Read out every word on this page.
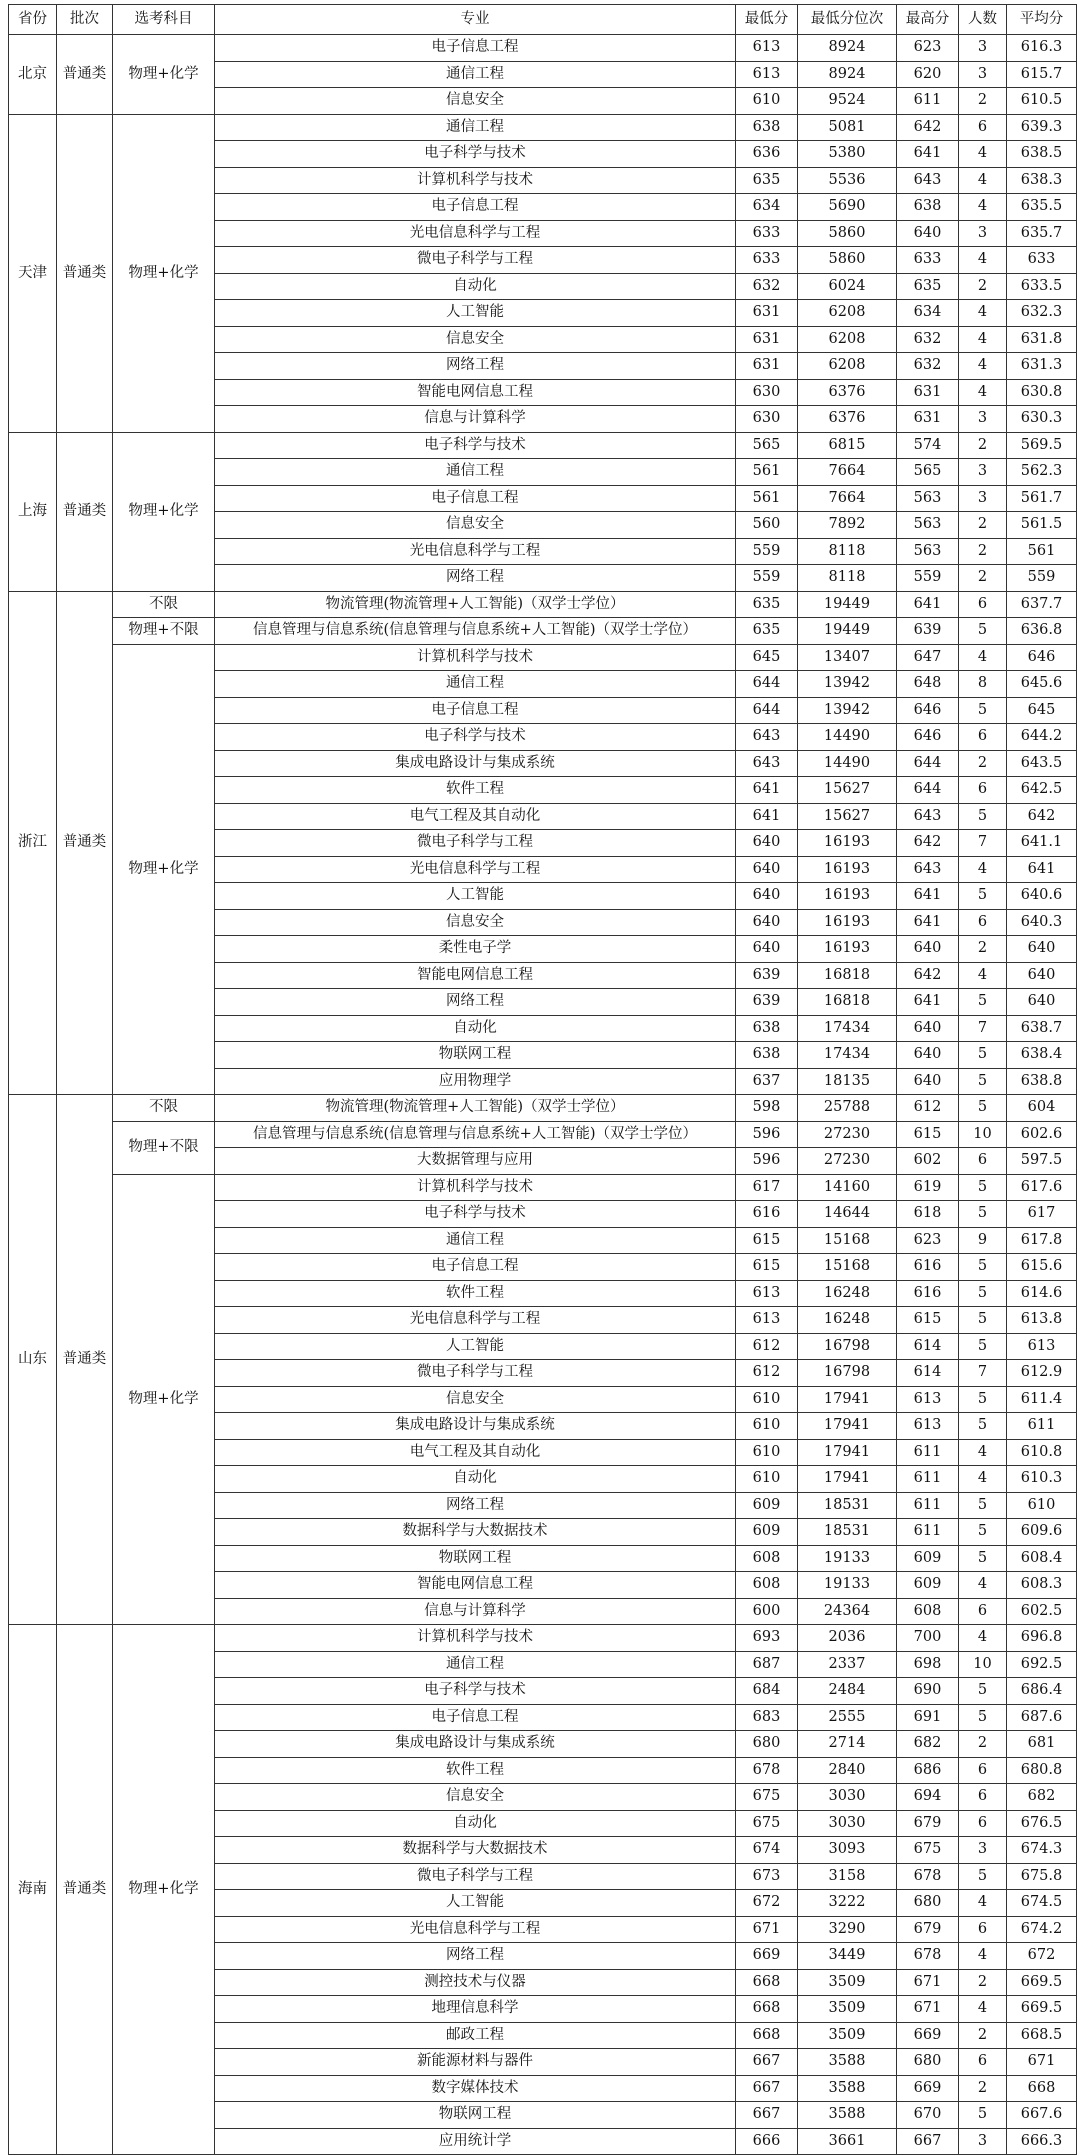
省份	批次	选考科目	专业	最低分	最低分位次	最高分	人数	平均分
北京	普通类	物理+化学	电子信息工程	613	8924	623	3	616.3
			通信工程	613	8924	620	3	615.7
			信息安全	610	9524	611	2	610.5
天津	普通类	物理+化学	通信工程	638	5081	642	6	639.3
			电子科学与技术	636	5380	641	4	638.5
			计算机科学与技术	635	5536	643	4	638.3
			电子信息工程	634	5690	638	4	635.5
			光电信息科学与工程	633	5860	640	3	635.7
			微电子科学与工程	633	5860	633	4	633
			自动化	632	6024	635	2	633.5
			人工智能	631	6208	634	4	632.3
			信息安全	631	6208	632	4	631.8
			网络工程	631	6208	632	4	631.3
			智能电网信息工程	630	6376	631	4	630.8
			信息与计算科学	630	6376	631	3	630.3
上海	普通类	物理+化学	电子科学与技术	565	6815	574	2	569.5
			通信工程	561	7664	565	3	562.3
			电子信息工程	561	7664	563	3	561.7
			信息安全	560	7892	563	2	561.5
			光电信息科学与工程	559	8118	563	2	561
			网络工程	559	8118	559	2	559
浙江	普通类	不限	物流管理(物流管理+人工智能)（双学士学位）	635	19449	641	6	637.7
		物理+不限	信息管理与信息系统(信息管理与信息系统+人工智能)（双学士学位）	635	19449	639	5	636.8
		物理+化学	计算机科学与技术	645	13407	647	4	646
			通信工程	644	13942	648	8	645.6
			电子信息工程	644	13942	646	5	645
			电子科学与技术	643	14490	646	6	644.2
			集成电路设计与集成系统	643	14490	644	2	643.5
			软件工程	641	15627	644	6	642.5
			电气工程及其自动化	641	15627	643	5	642
			微电子科学与工程	640	16193	642	7	641.1
			光电信息科学与工程	640	16193	643	4	641
			人工智能	640	16193	641	5	640.6
			信息安全	640	16193	641	6	640.3
			柔性电子学	640	16193	640	2	640
			智能电网信息工程	639	16818	642	4	640
			网络工程	639	16818	641	5	640
			自动化	638	17434	640	7	638.7
			物联网工程	638	17434	640	5	638.4
			应用物理学	637	18135	640	5	638.8
山东	普通类	不限	物流管理(物流管理+人工智能)（双学士学位）	598	25788	612	5	604
		物理+不限	信息管理与信息系统(信息管理与信息系统+人工智能)（双学士学位）	596	27230	615	10	602.6
			大数据管理与应用	596	27230	602	6	597.5
		物理+化学	计算机科学与技术	617	14160	619	5	617.6
			电子科学与技术	616	14644	618	5	617
			通信工程	615	15168	623	9	617.8
			电子信息工程	615	15168	616	5	615.6
			软件工程	613	16248	616	5	614.6
			光电信息科学与工程	613	16248	615	5	613.8
			人工智能	612	16798	614	5	613
			微电子科学与工程	612	16798	614	7	612.9
			信息安全	610	17941	613	5	611.4
			集成电路设计与集成系统	610	17941	613	5	611
			电气工程及其自动化	610	17941	611	4	610.8
			自动化	610	17941	611	4	610.3
			网络工程	609	18531	611	5	610
			数据科学与大数据技术	609	18531	611	5	609.6
			物联网工程	608	19133	609	5	608.4
			智能电网信息工程	608	19133	609	4	608.3
			信息与计算科学	600	24364	608	6	602.5
海南	普通类	物理+化学	计算机科学与技术	693	2036	700	4	696.8
			通信工程	687	2337	698	10	692.5
			电子科学与技术	684	2484	690	5	686.4
			电子信息工程	683	2555	691	5	687.6
			集成电路设计与集成系统	680	2714	682	2	681
			软件工程	678	2840	686	6	680.8
			信息安全	675	3030	694	6	682
			自动化	675	3030	679	6	676.5
			数据科学与大数据技术	674	3093	675	3	674.3
			微电子科学与工程	673	3158	678	5	675.8
			人工智能	672	3222	680	4	674.5
			光电信息科学与工程	671	3290	679	6	674.2
			网络工程	669	3449	678	4	672
			测控技术与仪器	668	3509	671	2	669.5
			地理信息科学	668	3509	671	4	669.5
			邮政工程	668	3509	669	2	668.5
			新能源材料与器件	667	3588	680	6	671
			数字媒体技术	667	3588	669	2	668
			物联网工程	667	3588	670	5	667.6
			应用统计学	666	3661	667	3	666.3
